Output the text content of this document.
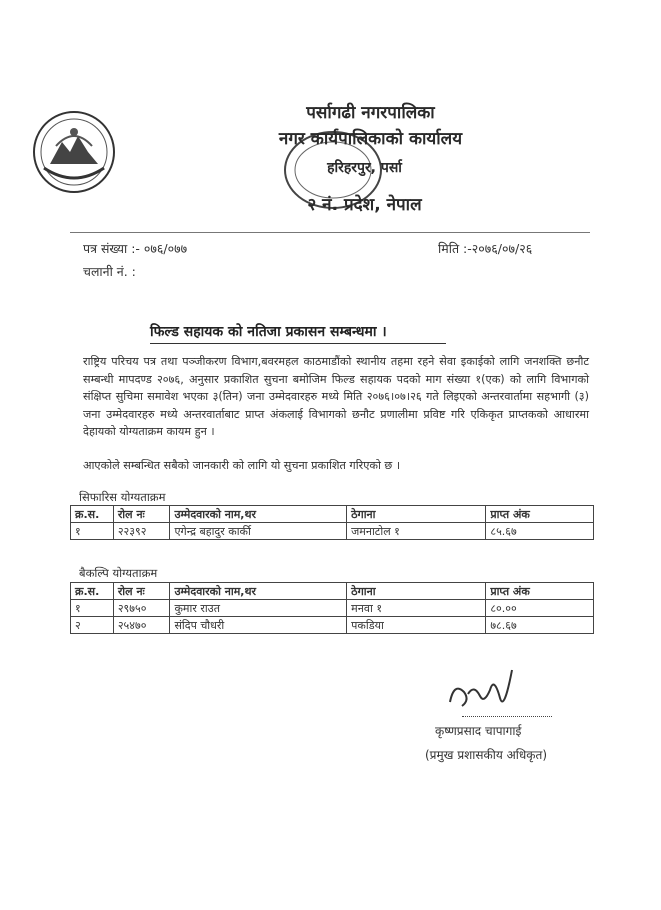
पर्सागढी नगरपालिका
नगर कार्यपालिकाको कार्यालय
हरिहरपुर, पर्सा
२ नं. प्रदेश, नेपाल
पत्र संख्या :- ०७६/०७७	मिति :-२०७६/०७/२६
चलानी नं. :
फिल्ड सहायक को नतिजा प्रकासन सम्बन्धमा ।
राष्ट्रिय परिचय पत्र तथा पञ्जीकरण विभाग,बवरमहल काठमाडौंको स्थानीय तहमा रहने सेवा इकाईको लागि जनशक्ति छनौट सम्बन्धी मापदण्ड २०७६, अनुसार प्रकाशित सुचना बमोजिम फिल्ड सहायक पदको माग संख्या १(एक) को लागि विभागको संक्षिप्त सुचिमा समावेश भएका ३(तिन) जना उम्मेदवारहरु मध्ये मिति २०७६।०७।२६ गते लिइएको अन्तरवार्तामा सहभागी (३) जना उम्मेदवारहरु मध्ये अन्तरवार्ताबाट प्राप्त अंकलाई विभागको छनौट प्रणालीमा प्रविष्ट गरि एकिकृत प्राप्तकको आधारमा देहायको योग्यताक्रम कायम हुन ।
आएकोले सम्बन्धित सबैको जानकारी को लागि यो सुचना प्रकाशित गरिएको छ ।
सिफारिस योग्यताक्रम
क्र.स.	रोल नः	उम्मेदवारको नाम,थर	ठेगाना	प्राप्त अंक
१	२२३९२	एगेन्द्र बहादुर कार्की	जमनाटोल १	८५.६७
बैकल्पि योग्यताक्रम
क्र.स.	रोल नः	उम्मेदवारको नाम,थर	ठेगाना	प्राप्त अंक
१	२९७५०	कुमार राउत	मनवा १	८०.००
२	२५४७०	संदिप चौधरी	पकडिया	७८.६७
कृष्णप्रसाद चापागाई
(प्रमुख प्रशासकीय अधिकृत)
